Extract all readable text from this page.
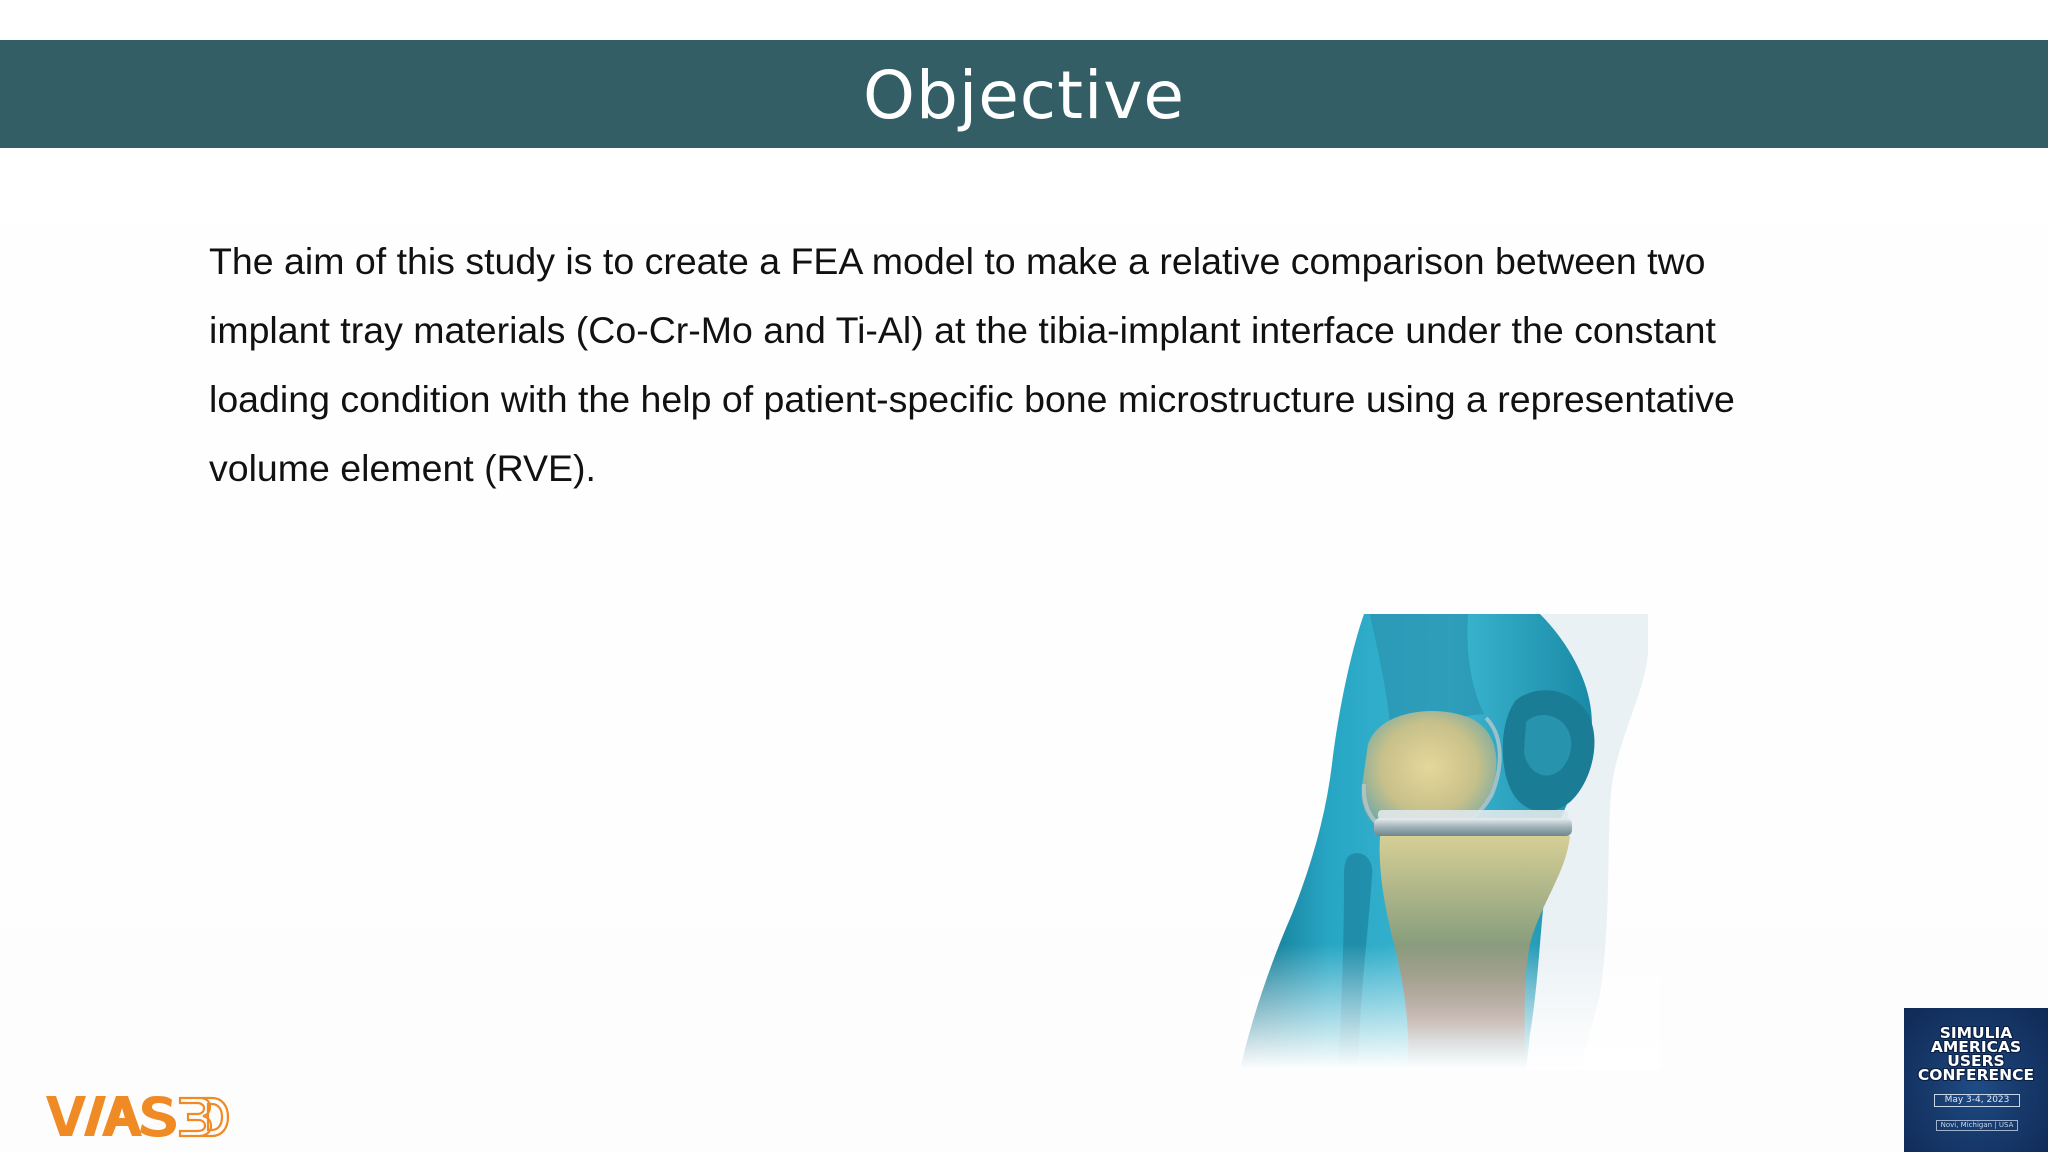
Objective
The aim of this study is to create a FEA model to make a relative comparison between two
implant tray materials (Co-Cr-Mo and Ti-Al) at the tibia-implant interface under the constant
loading condition with the help of patient-specific bone microstructure using a representative
volume element (RVE).
SIMULIA
AMERICAS
USERS
CONFERENCE
May 3-4, 2023
Novi, Michigan | USA
